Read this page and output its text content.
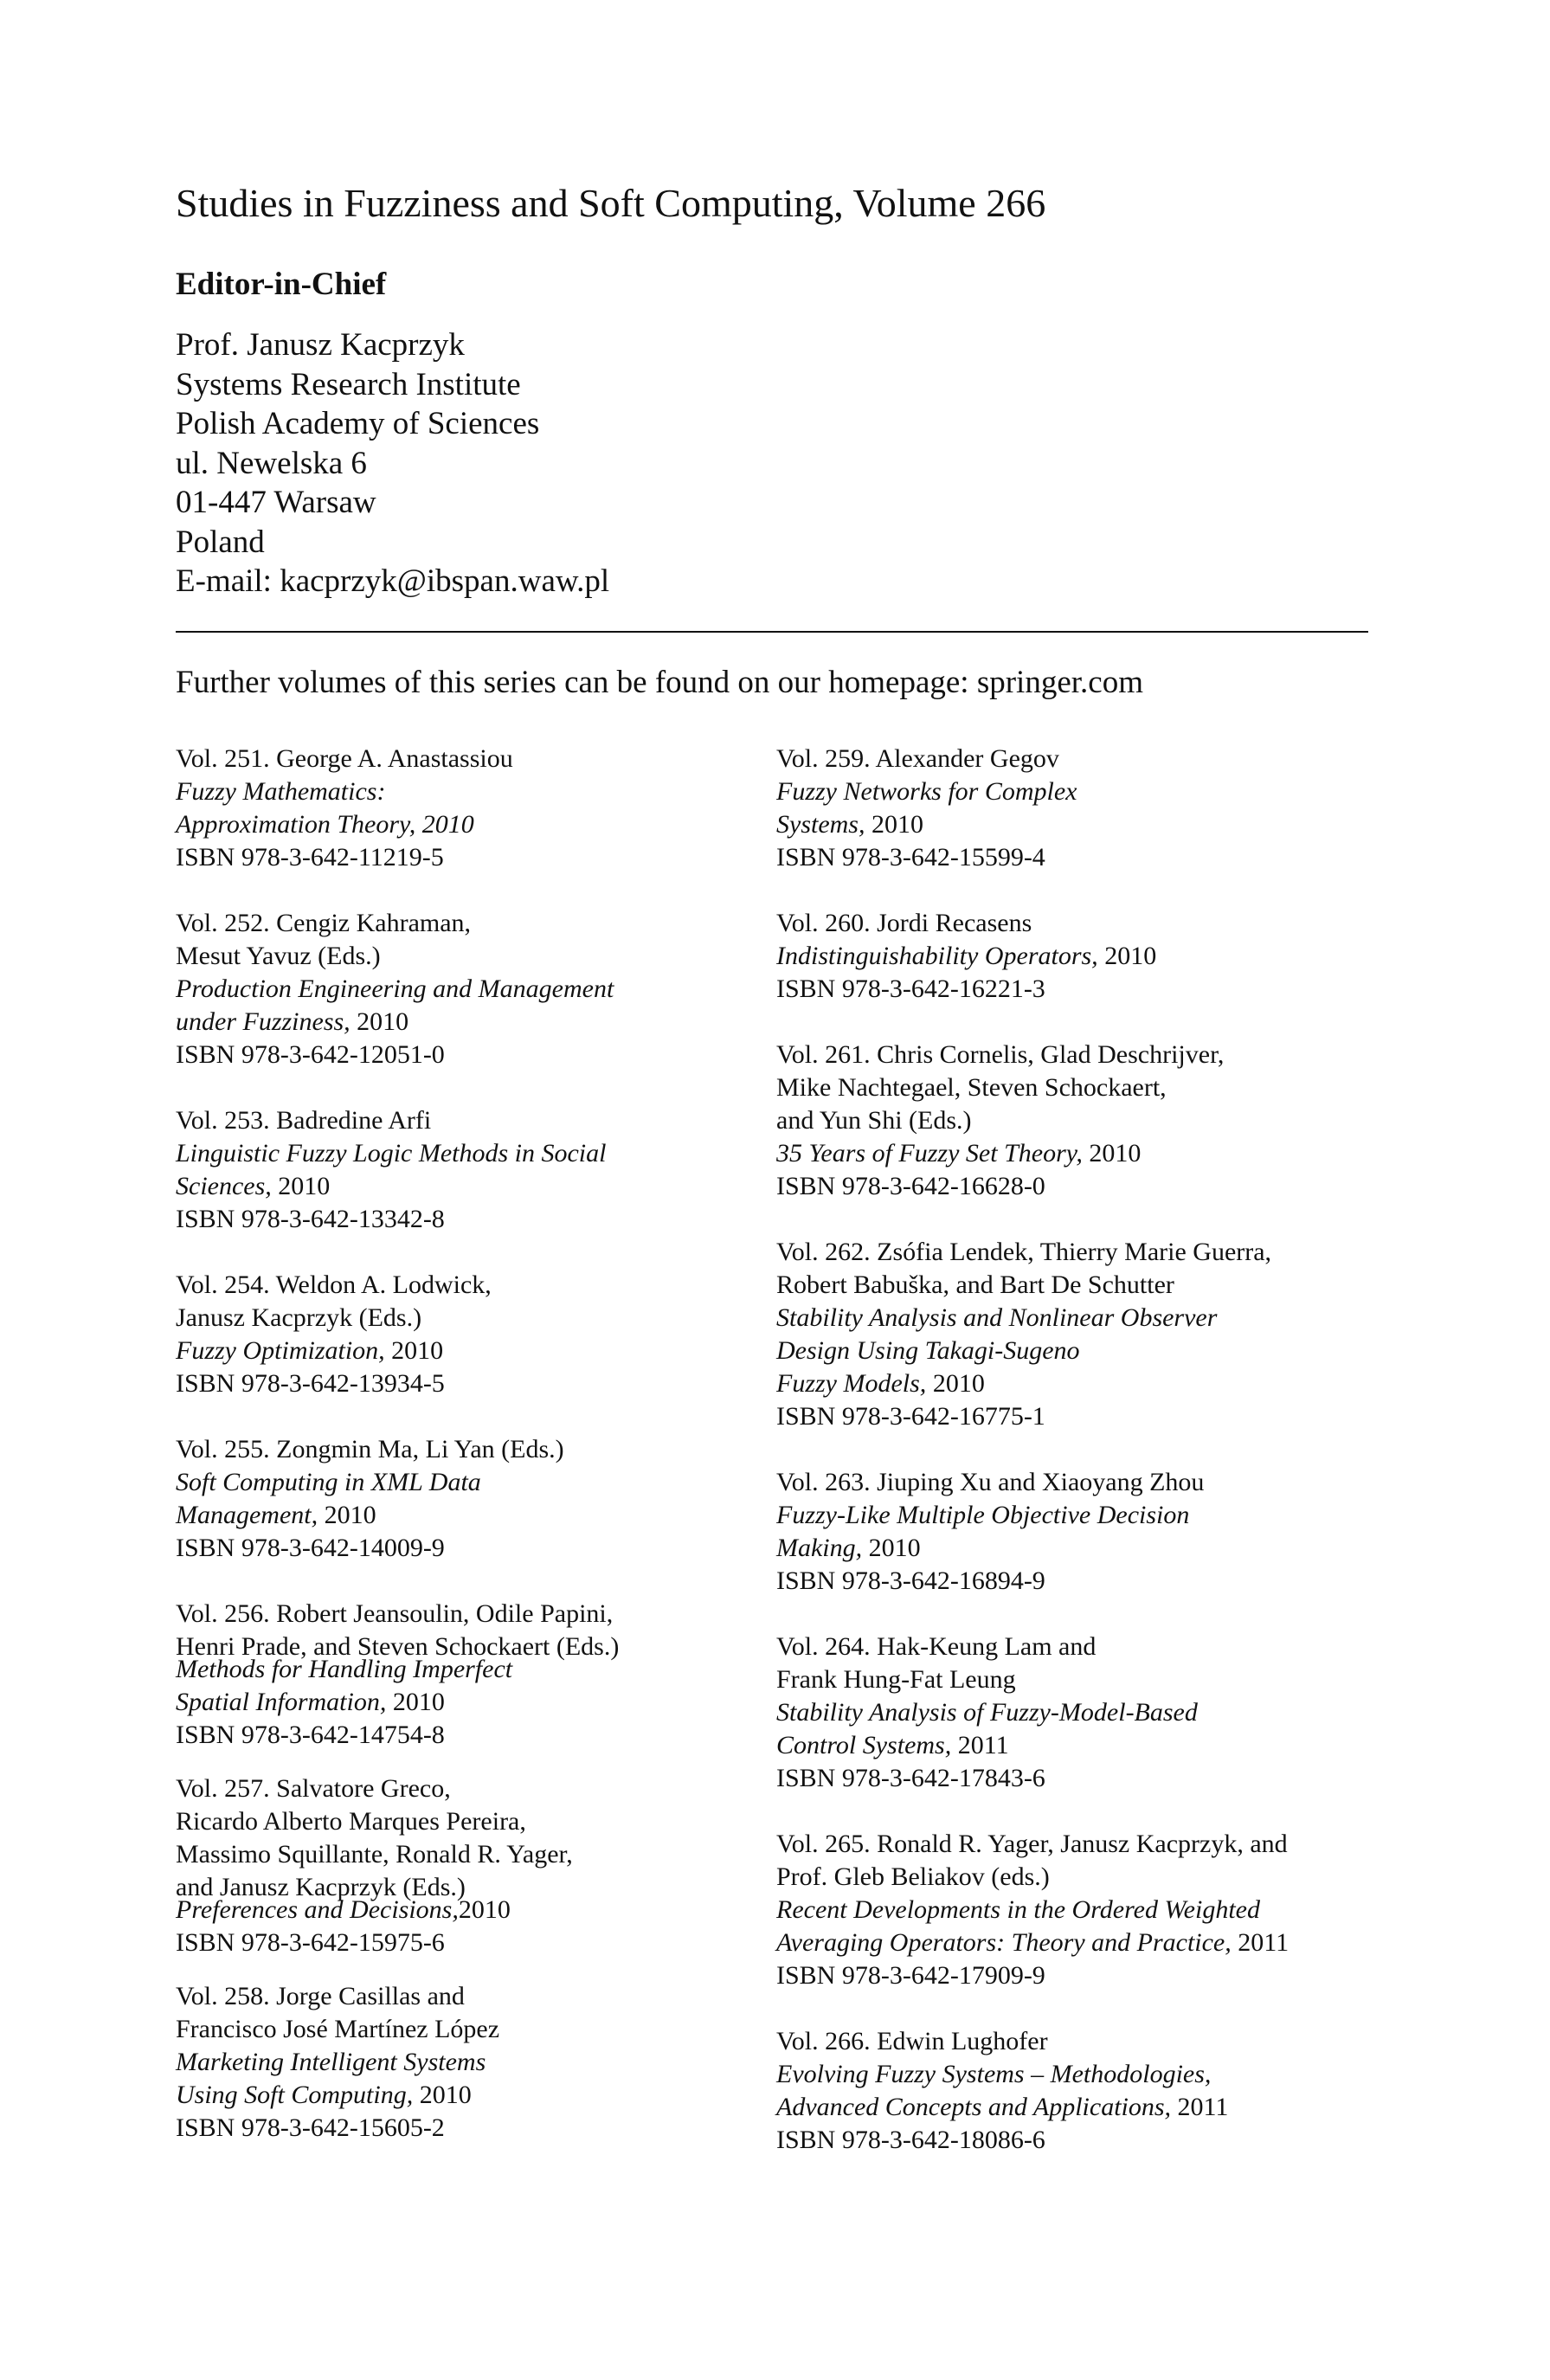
Studies in Fuzziness and Soft Computing, Volume 266
Editor-in-Chief
Prof. Janusz Kacprzyk
Systems Research Institute
Polish Academy of Sciences
ul. Newelska 6
01-447 Warsaw
Poland
E-mail: kacprzyk@ibspan.waw.pl

Further volumes of this series can be found on our homepage: springer.com

Vol. 251. George A. Anastassiou
Fuzzy Mathematics:
Approximation Theory, 2010
ISBN 978-3-642-11219-5
Vol. 252. Cengiz Kahraman,
Mesut Yavuz (Eds.)
Production Engineering and Management
under Fuzziness, 2010
ISBN 978-3-642-12051-0
Vol. 253. Badredine Arfi
Linguistic Fuzzy Logic Methods in Social
Sciences, 2010
ISBN 978-3-642-13342-8
Vol. 254. Weldon A. Lodwick,
Janusz Kacprzyk (Eds.)
Fuzzy Optimization, 2010
ISBN 978-3-642-13934-5
Vol. 255. Zongmin Ma, Li Yan (Eds.)
Soft Computing in XML Data
Management, 2010
ISBN 978-3-642-14009-9
Vol. 256. Robert Jeansoulin, Odile Papini,
Henri Prade, and Steven Schockaert (Eds.)
Methods for Handling Imperfect
Spatial Information, 2010
ISBN 978-3-642-14754-8
Vol. 257. Salvatore Greco,
Ricardo Alberto Marques Pereira,
Massimo Squillante, Ronald R. Yager,
and Janusz Kacprzyk (Eds.)
Preferences and Decisions,2010
ISBN 978-3-642-15975-6
Vol. 258. Jorge Casillas and
Francisco José Martínez López
Marketing Intelligent Systems
Using Soft Computing, 2010
ISBN 978-3-642-15605-2
Vol. 259. Alexander Gegov
Fuzzy Networks for Complex
Systems, 2010
ISBN 978-3-642-15599-4
Vol. 260. Jordi Recasens
Indistinguishability Operators, 2010
ISBN 978-3-642-16221-3
Vol. 261. Chris Cornelis, Glad Deschrijver,
Mike Nachtegael, Steven Schockaert,
and Yun Shi (Eds.)
35 Years of Fuzzy Set Theory, 2010
ISBN 978-3-642-16628-0
Vol. 262. Zsófia Lendek, Thierry Marie Guerra,
Robert Babuška, and Bart De Schutter
Stability Analysis and Nonlinear Observer
Design Using Takagi-Sugeno
Fuzzy Models, 2010
ISBN 978-3-642-16775-1
Vol. 263. Jiuping Xu and Xiaoyang Zhou
Fuzzy-Like Multiple Objective Decision
Making, 2010
ISBN 978-3-642-16894-9
Vol. 264. Hak-Keung Lam and
Frank Hung-Fat Leung
Stability Analysis of Fuzzy-Model-Based
Control Systems, 2011
ISBN 978-3-642-17843-6
Vol. 265. Ronald R. Yager, Janusz Kacprzyk, and
Prof. Gleb Beliakov (eds.)
Recent Developments in the Ordered Weighted
Averaging Operators: Theory and Practice, 2011
ISBN 978-3-642-17909-9
Vol. 266. Edwin Lughofer
Evolving Fuzzy Systems – Methodologies,
Advanced Concepts and Applications, 2011
ISBN 978-3-642-18086-6
